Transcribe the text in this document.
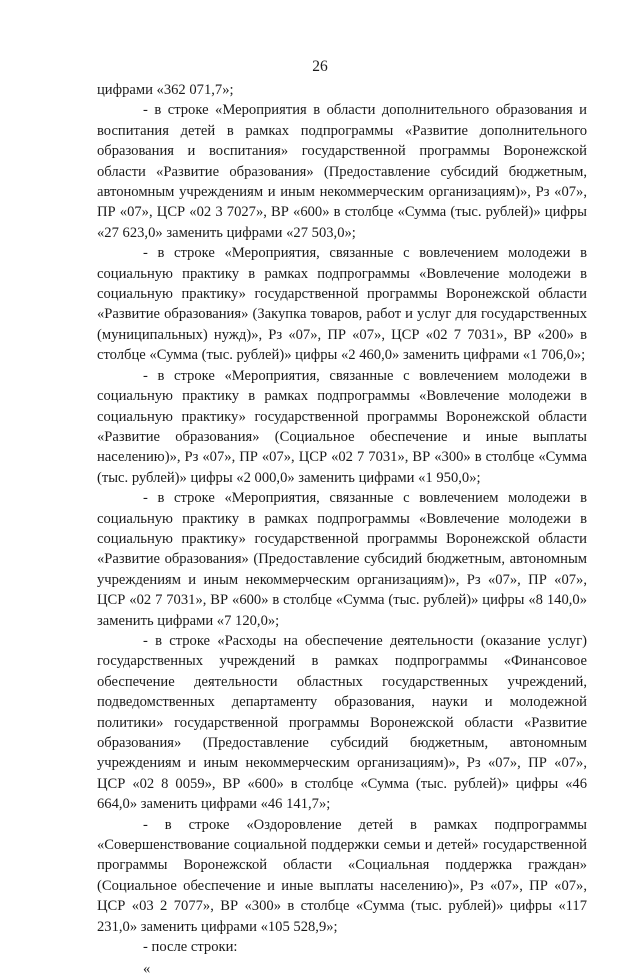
26

цифрами «362 071,7»;

- в строке «Мероприятия в области дополнительного образования и воспитания детей в рамках подпрограммы «Развитие дополнительного образования и воспитания» государственной программы Воронежской области «Развитие образования» (Предоставление субсидий бюджетным, автономным учреждениям и иным некоммерческим организациям)», Рз «07», ПР «07», ЦСР «02 3 7027», ВР «600» в столбце «Сумма (тыс. рублей)» цифры «27 623,0» заменить цифрами «27 503,0»;

- в строке «Мероприятия, связанные с вовлечением молодежи в социальную практику в рамках подпрограммы «Вовлечение молодежи в социальную практику» государственной программы Воронежской области «Развитие образования» (Закупка товаров, работ и услуг для государственных (муниципальных) нужд)», Рз «07», ПР «07», ЦСР «02 7 7031», ВР «200» в столбце «Сумма (тыс. рублей)» цифры «2 460,0» заменить цифрами «1 706,0»;

- в строке «Мероприятия, связанные с вовлечением молодежи в социальную практику в рамках подпрограммы «Вовлечение молодежи в социальную практику» государственной программы Воронежской области «Развитие образования» (Социальное обеспечение и иные выплаты населению)», Рз «07», ПР «07», ЦСР «02 7 7031», ВР «300» в столбце «Сумма (тыс. рублей)» цифры «2 000,0» заменить цифрами «1 950,0»;

- в строке «Мероприятия, связанные с вовлечением молодежи в социальную практику в рамках подпрограммы «Вовлечение молодежи в социальную практику» государственной программы Воронежской области «Развитие образования» (Предоставление субсидий бюджетным, автономным учреждениям и иным некоммерческим организациям)», Рз «07», ПР «07», ЦСР «02 7 7031», ВР «600» в столбце «Сумма (тыс. рублей)» цифры «8 140,0» заменить цифрами «7 120,0»;

- в строке «Расходы на обеспечение деятельности (оказание услуг) государственных учреждений в рамках подпрограммы «Финансовое обеспечение деятельности областных государственных учреждений, подведомственных департаменту образования, науки и молодежной политики» государственной программы Воронежской области «Развитие образования» (Предоставление субсидий бюджетным, автономным учреждениям и иным некоммерческим организациям)», Рз «07», ПР «07», ЦСР «02 8 0059», ВР «600» в столбце «Сумма (тыс. рублей)» цифры «46 664,0» заменить цифрами «46 141,7»;

- в строке «Оздоровление детей в рамках подпрограммы «Совершенствование социальной поддержки семьи и детей» государственной программы Воронежской области «Социальная поддержка граждан» (Социальное обеспечение и иные выплаты населению)», Рз «07», ПР «07», ЦСР «03 2 7077», ВР «300» в столбце «Сумма (тыс. рублей)» цифры «117 231,0» заменить цифрами «105 528,9»;

- после строки:

«
